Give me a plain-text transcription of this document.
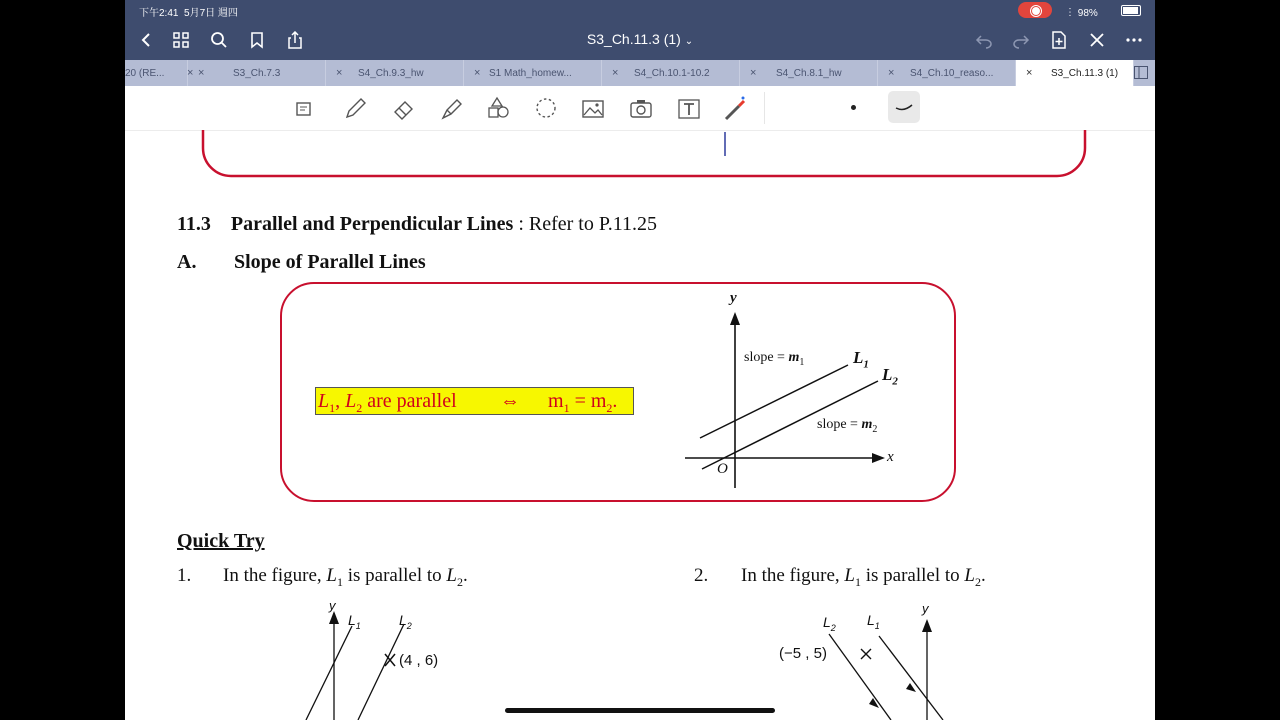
下午2:41 5月7日 週四	︙ 98%
S3_Ch.11.3 (1) ⌄
20 (RE...	× ×	S3_Ch.7.3	× S4_Ch.9.3_hw	× S1 Math_homew...	× S4_Ch.10.1-10.2	× S4_Ch.8.1_hw	× S4_Ch.10_reaso...	× S3_Ch.11.3 (1)
11.3 Parallel and Perpendicular Lines : Refer to P.11.25
A. Slope of Parallel Lines
$L_1$, $L_2$ are parallel ⇔ $m_1 = m_2$.
y
x
O
$L_1$
$L_2$
slope = $m_1$
slope = $m_2$
Quick Try
1. In the figure, $L_1$ is parallel to $L_2$.	2. In the figure, $L_1$ is parallel to $L_2$.
y
$L_1$	$L_2$
(4 , 6)
y
$L_1$
$L_2$
(−5 , 5)
